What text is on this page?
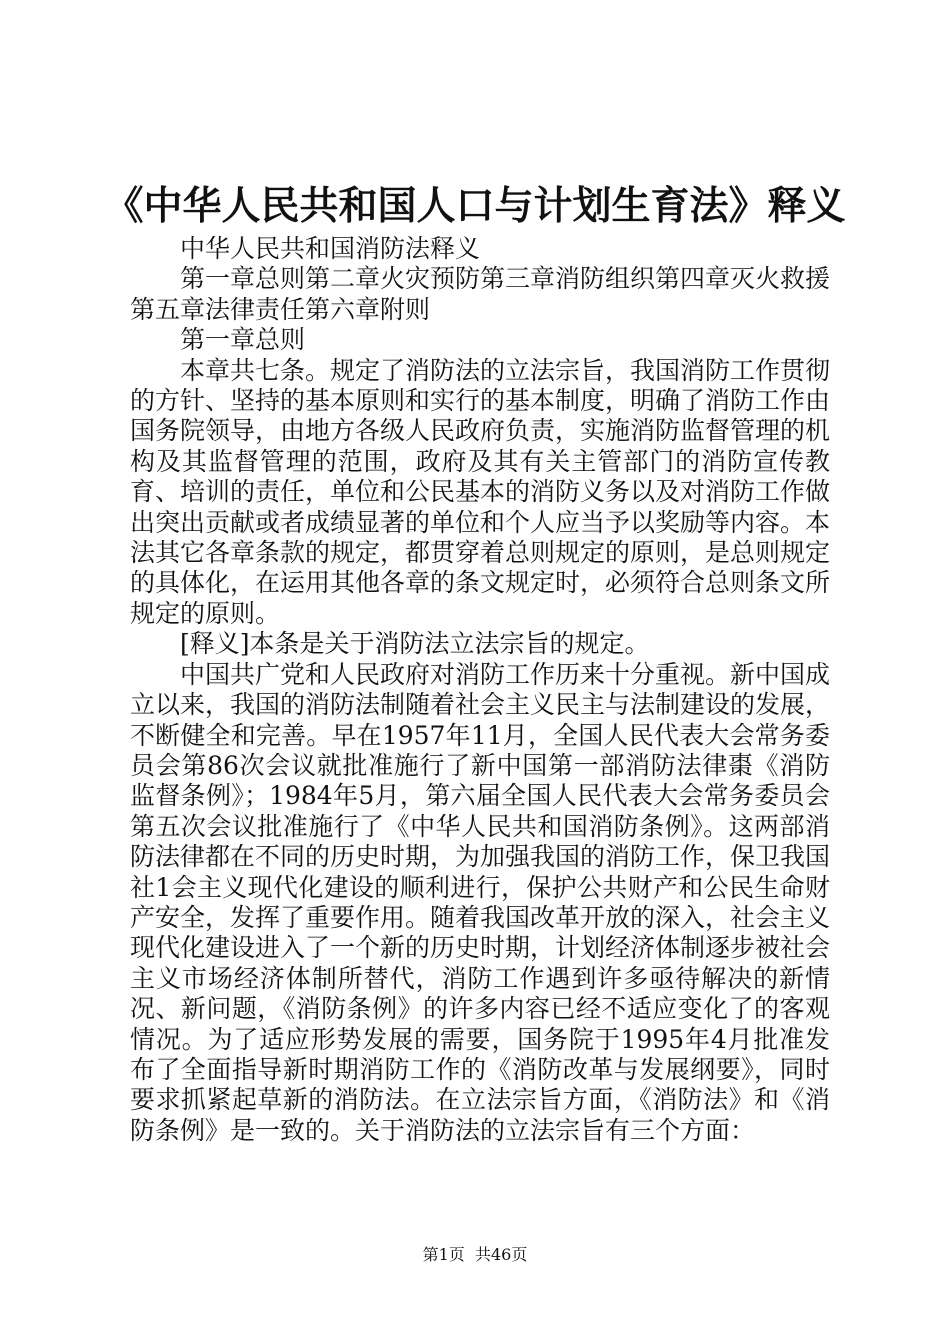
《中华人民共和国人口与计划生育法》释义

中华人民共和国消防法释义

第一章总则第二章火灾预防第三章消防组织第四章灭火救援第五章法律责任第六章附则

第一章总则

本章共七条。规定了消防法的立法宗旨，我国消防工作贯彻的方针、坚持的基本原则和实行的基本制度，明确了消防工作由国务院领导，由地方各级人民政府负责，实施消防监督管理的机构及其监督管理的范围，政府及其有关主管部门的消防宣传教育、培训的责任，单位和公民基本的消防义务以及对消防工作做出突出贡献或者成绩显著的单位和个人应当予以奖励等内容。本法其它各章条款的规定，都贯穿着总则规定的原则，是总则规定的具体化，在运用其他各章的条文规定时，必须符合总则条文所规定的原则。

[释义]本条是关于消防法立法宗旨的规定。

中国共广党和人民政府对消防工作历来十分重视。新中国成立以来，我国的消防法制随着社会主义民主与法制建设的发展，不断健全和完善。早在1957年11月，全国人民代表大会常务委员会第86次会议就批准施行了新中国第一部消防法律棗《消防监督条例》；1984年5月，第六届全国人民代表大会常务委员会第五次会议批准施行了《中华人民共和国消防条例》。这两部消防法律都在不同的历史时期，为加强我国的消防工作，保卫我国社1会主义现代化建设的顺利进行，保护公共财产和公民生命财产安全，发挥了重要作用。随着我国改革开放的深入，社会主义现代化建设进入了一个新的历史时期，计划经济体制逐步被社会主义市场经济体制所替代，消防工作遇到许多亟待解决的新情况、新问题，《消防条例》的许多内容已经不适应变化了的客观情况。为了适应形势发展的需要，国务院于1995年4月批准发布了全面指导新时期消防工作的《消防改革与发展纲要》，同时要求抓紧起草新的消防法。在立法宗旨方面，《消防法》和《消防条例》是一致的。关于消防法的立法宗旨有三个方面：

第1页 共46页
